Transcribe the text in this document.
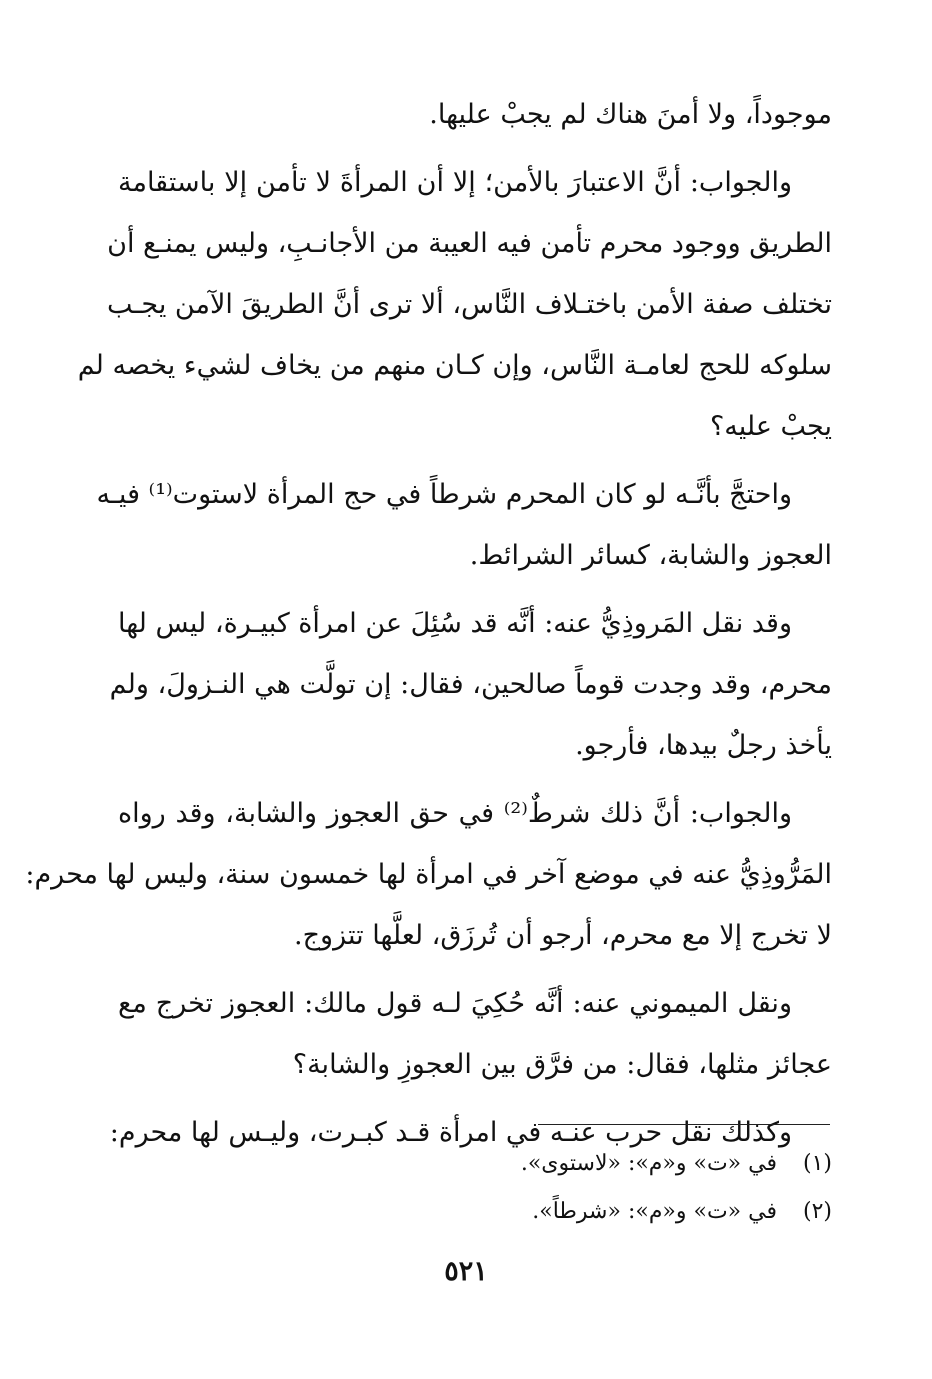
موجوداً، ولا أمنَ هناك لم يجبْ عليها.
والجواب: أنَّ الاعتبارَ بالأمن؛ إلا أن المرأةَ لا تأمن إلا باستقامة
الطريق ووجود محرم تأمن فيه العيبة من الأجانـبِ، وليس يمنـع أن
تختلف صفة الأمن باختـلاف النَّاس، ألا ترى أنَّ الطريقَ الآمن يجـب
سلوكه للحج لعامـة النَّاس، وإن كـان منهم من يخاف لشيء يخصه لم
يجبْ عليه؟
واحتجَّ بأنَّـه لو كان المحرم شرطاً في حج المرأة لاستوت⁽¹⁾ فيـه
العجوز والشابة، كسائر الشرائط.
وقد نقل المَروذِيُّ عنه: أنَّه قد سُئِلَ عن امرأة كبيـرة، ليس لها
محرم، وقد وجدت قوماً صالحين، فقال: إن تولَّت هي النـزولَ، ولم
يأخذ رجلٌ بيدها، فأرجو.
والجواب: أنَّ ذلك شرطٌ⁽²⁾ في حق العجوز والشابة، وقد رواه
المَرُّوذِيُّ عنه في موضع آخر في امرأة لها خمسون سنة، وليس لها محرم:
لا تخرج إلا مع محرم، أرجو أن تُرزَق، لعلَّها تتزوج.
ونقل الميموني عنه: أنَّه حُكِيَ لـه قول مالك: العجوز تخرج مع
عجائز مثلها، فقال: من فرَّق بين العجوزِ والشابة؟
وكذلك نقل حرب عنـه في امرأة قـد كبـرت، وليـس لها محرم:
(١) في «ت» و«م»: «لاستوى».
(٢) في «ت» و«م»: «شرطاً».
٥٢١
